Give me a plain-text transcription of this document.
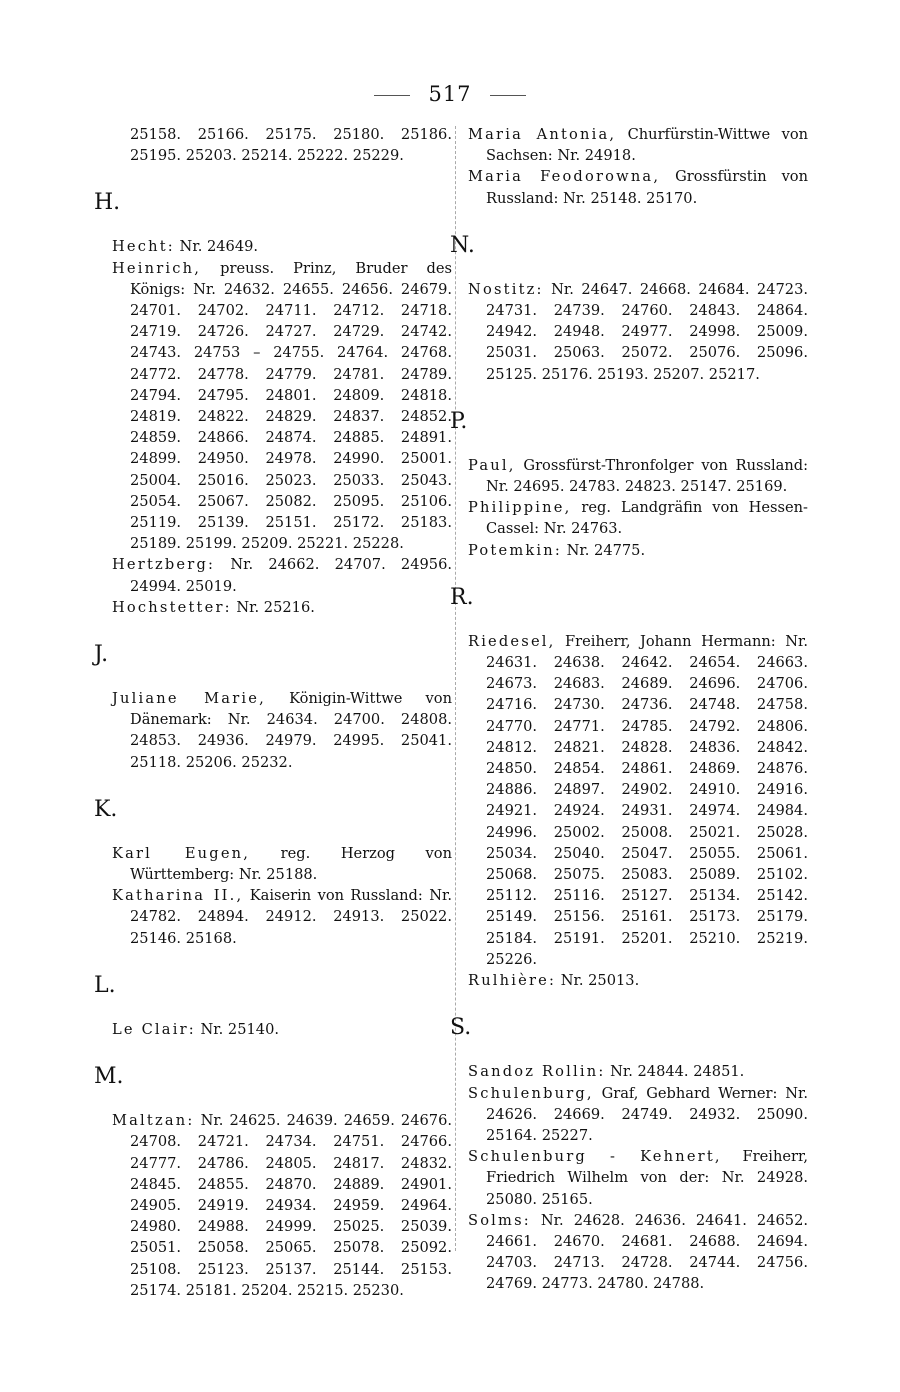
517
25158. 25166. 25175. 25180. 25186. 25195. 25203. 25214. 25222. 25229.
H.
Hecht: Nr. 24649.
Heinrich, preuss. Prinz, Bruder des Königs: Nr. 24632. 24655. 24656. 24679. 24701. 24702. 24711. 24712. 24718. 24719. 24726. 24727. 24729. 24742. 24743. 24753 – 24755. 24764. 24768. 24772. 24778. 24779. 24781. 24789. 24794. 24795. 24801. 24809. 24818. 24819. 24822. 24829. 24837. 24852. 24859. 24866. 24874. 24885. 24891. 24899. 24950. 24978. 24990. 25001. 25004. 25016. 25023. 25033. 25043. 25054. 25067. 25082. 25095. 25106. 25119. 25139. 25151. 25172. 25183. 25189. 25199. 25209. 25221. 25228.
Hertzberg: Nr. 24662. 24707. 24956. 24994. 25019.
Hochstetter: Nr. 25216.
J.
Juliane Marie, Königin-Wittwe von Dänemark: Nr. 24634. 24700. 24808. 24853. 24936. 24979. 24995. 25041. 25118. 25206. 25232.
K.
Karl Eugen, reg. Herzog von Württemberg: Nr. 25188.
Katharina II., Kaiserin von Russland: Nr. 24782. 24894. 24912. 24913. 25022. 25146. 25168.
L.
Le Clair: Nr. 25140.
M.
Maltzan: Nr. 24625. 24639. 24659. 24676. 24708. 24721. 24734. 24751. 24766. 24777. 24786. 24805. 24817. 24832. 24845. 24855. 24870. 24889. 24901. 24905. 24919. 24934. 24959. 24964. 24980. 24988. 24999. 25025. 25039. 25051. 25058. 25065. 25078. 25092. 25108. 25123. 25137. 25144. 25153. 25174. 25181. 25204. 25215. 25230.
Maria Antonia, Churfürstin-Wittwe von Sachsen: Nr. 24918.
Maria Feodorowna, Grossfürstin von Russland: Nr. 25148. 25170.
N.
Nostitz: Nr. 24647. 24668. 24684. 24723. 24731. 24739. 24760. 24843. 24864. 24942. 24948. 24977. 24998. 25009. 25031. 25063. 25072. 25076. 25096. 25125. 25176. 25193. 25207. 25217.
P.
Paul, Grossfürst-Thronfolger von Russland: Nr. 24695. 24783. 24823. 25147. 25169.
Philippine, reg. Landgräfin von Hessen-Cassel: Nr. 24763.
Potemkin: Nr. 24775.
R.
Riedesel, Freiherr, Johann Hermann: Nr. 24631. 24638. 24642. 24654. 24663. 24673. 24683. 24689. 24696. 24706. 24716. 24730. 24736. 24748. 24758. 24770. 24771. 24785. 24792. 24806. 24812. 24821. 24828. 24836. 24842. 24850. 24854. 24861. 24869. 24876. 24886. 24897. 24902. 24910. 24916. 24921. 24924. 24931. 24974. 24984. 24996. 25002. 25008. 25021. 25028. 25034. 25040. 25047. 25055. 25061. 25068. 25075. 25083. 25089. 25102. 25112. 25116. 25127. 25134. 25142. 25149. 25156. 25161. 25173. 25179. 25184. 25191. 25201. 25210. 25219. 25226.
Rulhière: Nr. 25013.
S.
Sandoz Rollin: Nr. 24844. 24851.
Schulenburg, Graf, Gebhard Werner: Nr. 24626. 24669. 24749. 24932. 25090. 25164. 25227.
Schulenburg - Kehnert, Freiherr, Friedrich Wilhelm von der: Nr. 24928. 25080. 25165.
Solms: Nr. 24628. 24636. 24641. 24652. 24661. 24670. 24681. 24688. 24694. 24703. 24713. 24728. 24744. 24756. 24769. 24773. 24780. 24788.
